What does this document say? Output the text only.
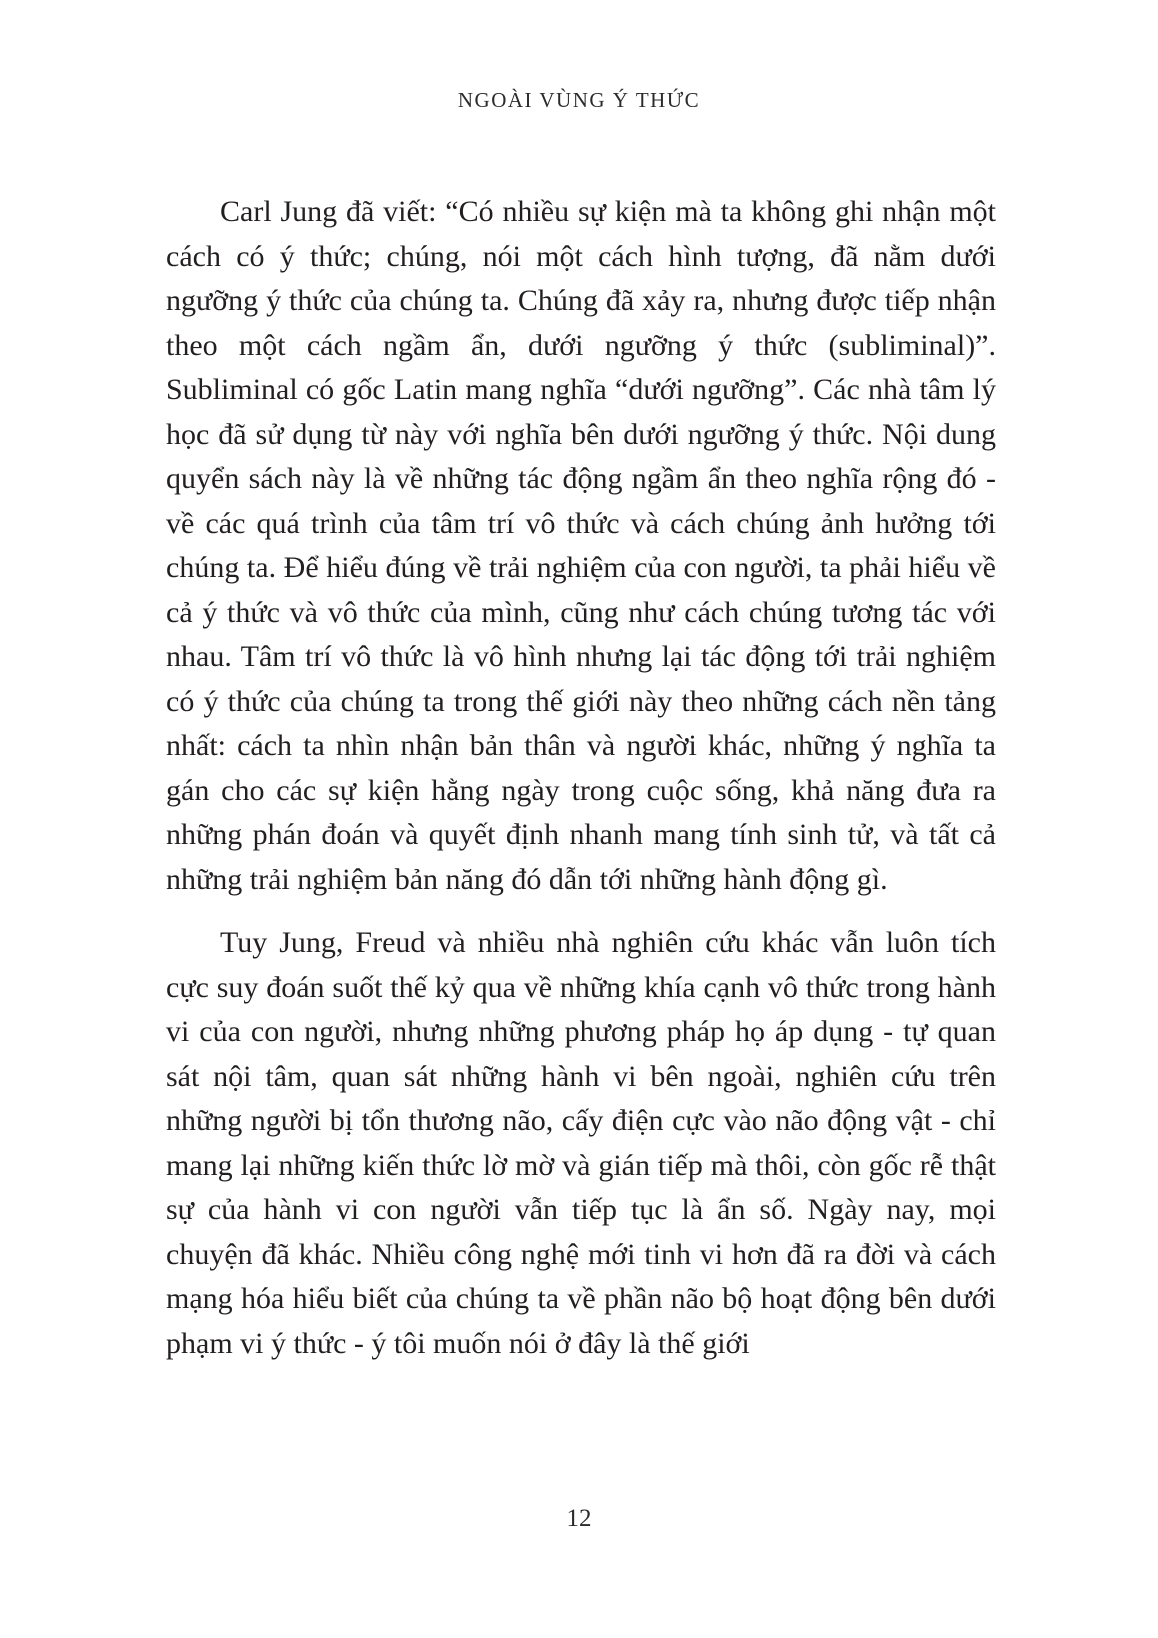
NGOÀI VÙNG Ý THỨC

Carl Jung đã viết: “Có nhiều sự kiện mà ta không ghi nhận một cách có ý thức; chúng, nói một cách hình tượng, đã nằm dưới ngưỡng ý thức của chúng ta. Chúng đã xảy ra, nhưng được tiếp nhận theo một cách ngầm ẩn, dưới ngưỡng ý thức (subliminal)”. Subliminal có gốc Latin mang nghĩa “dưới ngưỡng”. Các nhà tâm lý học đã sử dụng từ này với nghĩa bên dưới ngưỡng ý thức. Nội dung quyển sách này là về những tác động ngầm ẩn theo nghĩa rộng đó - về các quá trình của tâm trí vô thức và cách chúng ảnh hưởng tới chúng ta. Để hiểu đúng về trải nghiệm của con người, ta phải hiểu về cả ý thức và vô thức của mình, cũng như cách chúng tương tác với nhau. Tâm trí vô thức là vô hình nhưng lại tác động tới trải nghiệm có ý thức của chúng ta trong thế giới này theo những cách nền tảng nhất: cách ta nhìn nhận bản thân và người khác, những ý nghĩa ta gán cho các sự kiện hằng ngày trong cuộc sống, khả năng đưa ra những phán đoán và quyết định nhanh mang tính sinh tử, và tất cả những trải nghiệm bản năng đó dẫn tới những hành động gì.

Tuy Jung, Freud và nhiều nhà nghiên cứu khác vẫn luôn tích cực suy đoán suốt thế kỷ qua về những khía cạnh vô thức trong hành vi của con người, nhưng những phương pháp họ áp dụng - tự quan sát nội tâm, quan sát những hành vi bên ngoài, nghiên cứu trên những người bị tổn thương não, cấy điện cực vào não động vật - chỉ mang lại những kiến thức lờ mờ và gián tiếp mà thôi, còn gốc rễ thật sự của hành vi con người vẫn tiếp tục là ẩn số. Ngày nay, mọi chuyện đã khác. Nhiều công nghệ mới tinh vi hơn đã ra đời và cách mạng hóa hiểu biết của chúng ta về phần não bộ hoạt động bên dưới phạm vi ý thức - ý tôi muốn nói ở đây là thế giới

12
